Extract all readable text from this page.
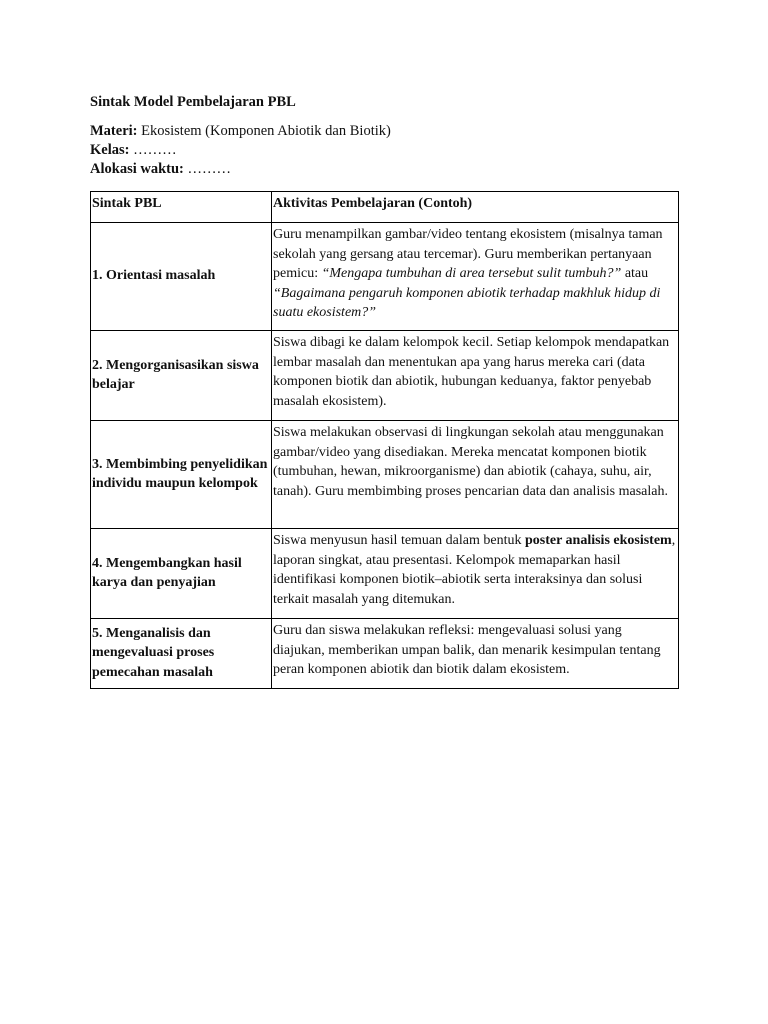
Sintak Model Pembelajaran PBL

Materi: Ekosistem (Komponen Abiotik dan Biotik)

Kelas: ………

Alokasi waktu: ………

Sintak PBL	Aktivitas Pembelajaran (Contoh)
1. Orientasi masalah	Guru menampilkan gambar/video tentang ekosistem (misalnya taman sekolah yang gersang atau tercemar). Guru memberikan pertanyaan pemicu: “Mengapa tumbuhan di area tersebut sulit tumbuh?” atau “Bagaimana pengaruh komponen abiotik terhadap makhluk hidup di suatu ekosistem?”
2. Mengorganisasikan siswa belajar	Siswa dibagi ke dalam kelompok kecil. Setiap kelompok mendapatkan lembar masalah dan menentukan apa yang harus mereka cari (data komponen biotik dan abiotik, hubungan keduanya, faktor penyebab masalah ekosistem).
3. Membimbing penyelidikan individu maupun kelompok	Siswa melakukan observasi di lingkungan sekolah atau menggunakan gambar/video yang disediakan. Mereka mencatat komponen biotik (tumbuhan, hewan, mikroorganisme) dan abiotik (cahaya, suhu, air, tanah). Guru membimbing proses pencarian data dan analisis masalah.
4. Mengembangkan hasil karya dan penyajian	Siswa menyusun hasil temuan dalam bentuk poster analisis ekosistem, laporan singkat, atau presentasi. Kelompok memaparkan hasil identifikasi komponen biotik–abiotik serta interaksinya dan solusi terkait masalah yang ditemukan.
5. Menganalisis dan mengevaluasi proses pemecahan masalah	Guru dan siswa melakukan refleksi: mengevaluasi solusi yang diajukan, memberikan umpan balik, dan menarik kesimpulan tentang peran komponen abiotik dan biotik dalam ekosistem.
